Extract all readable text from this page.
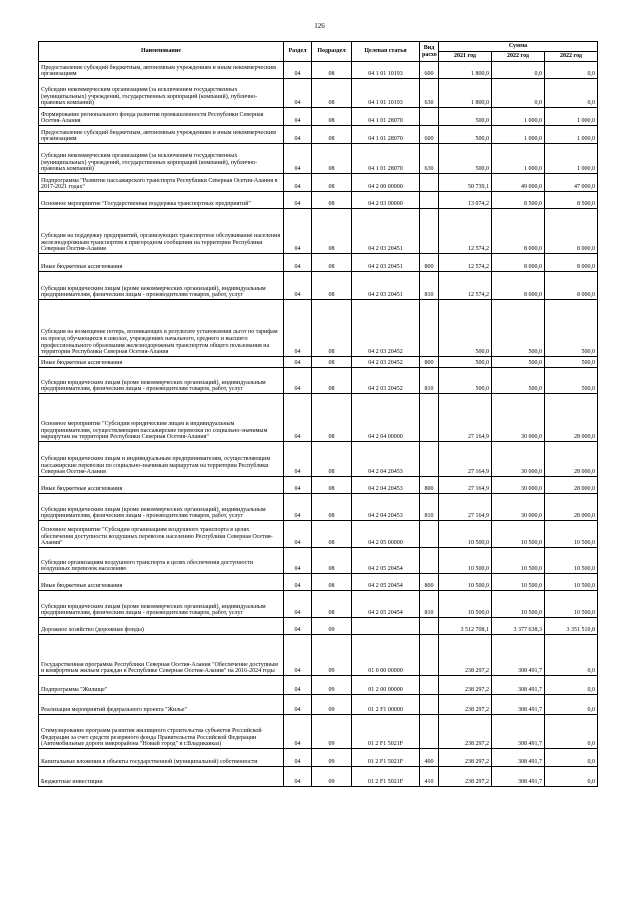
126
Наименование	Раздел	Подраздел	Целевая статья	Вид расхо	Сумма		
					2021 год	2022 год	2022 год
Предоставление субсидий бюджетным, автономным учреждениям и иным некоммерческим организациям	04	08	04 1 01 10193	600	1 800,0	0,0	0,0
Субсидии некоммерческим организациям (за исключением государственных (муниципальных) учреждений, государственных корпораций (компаний), публично-правовых компаний)	04	08	04 1 01 10193	630	1 800,0	0,0	0,0
Формирование регионального фонда развития промышленности Республики Северная Осетия-Алания	04	08	04 1 01 28070		500,0	1 000,0	1 000,0
Предоставление субсидий бюджетным, автономным учреждениям и иным некоммерческим организациям	04	08	04 1 01 28070	600	500,0	1 000,0	1 000,0
Субсидии некоммерческим организациям (за исключением государственных (муниципальных) учреждений, государственных корпораций (компаний), публично-правовых компаний)	04	08	04 1 01 28070	630	500,0	1 000,0	1 000,0
Подпрограмма "Развитие пассажирского транспорта Республики Северная Осетия-Алания в 2017-2021 годах"	04	08	04 2 00 00000		50 739,1	49 000,0	47 000,0
Основное мероприятие "Государственная поддержка транспортных предприятий"	04	08	04 2 03 00000		13 074,2	8 500,0	8 500,0
Субсидия на поддержку предприятий, организующих транспортное обслуживание населения железнодорожным транспортом в пригородном сообщении на территории Республики Северная Осетия-Алания	04	08	04 2 03 20451		12 574,2	8 000,0	8 000,0
Иные бюджетные ассигнования	04	08	04 2 03 20451	800	12 574,2	8 000,0	8 000,0
Субсидии юридическим лицам (кроме некоммерческих организаций), индивидуальным предпринимателям, физическим лицам - производителям товаров, работ, услуг	04	08	04 2 03 20451	810	12 574,2	8 000,0	8 000,0
Субсидия на возмещение потерь, возникающих в результате установления льгот по тарифам на проезд обучающихся в школах, учреждениях начального, среднего и высшего профессионального образования железнодорожным транспортом общего пользования на территории Республики Северная Осетия-Алания	04	08	04 2 03 20452		500,0	500,0	500,0
Иные бюджетные ассигнования	04	08	04 2 03 20452	800	500,0	500,0	500,0
Субсидии юридическим лицам (кроме некоммерческих организаций), индивидуальным предпринимателям, физическим лицам - производителям товаров, работ, услуг	04	08	04 2 03 20452	810	500,0	500,0	500,0
Основное мероприятие "Субсидии юридическим лицам и индивидуальным предпринимателям, осуществляющим пассажирские перевозки по социально-значимым маршрутам на территории Республики Северная Осетия-Алания"	04	08	04 2 04 00000		27 164,9	30 000,0	28 000,0
Субсидии юридическим лицам и индивидуальным предпринимателям, осуществляющим пассажирские перевозки по социально-значимым маршрутам на территории Республики Северная Осетия-Алания	04	08	04 2 04 20453		27 164,9	30 000,0	28 000,0
Иные бюджетные ассигнования	04	08	04 2 04 20453	800	27 164,9	30 000,0	28 000,0
Субсидии юридическим лицам (кроме некоммерческих организаций), индивидуальным предпринимателям, физическим лицам - производителям товаров, работ, услуг	04	08	04 2 04 20453	810	27 164,9	30 000,0	28 000,0
Основное мероприятие "Субсидии организациям воздушного транспорта в целях обеспечения доступности воздушных перевозок населению Республики Северная Осетия-Алания"	04	08	04 2 05 00000		10 500,0	10 500,0	10 500,0
Субсидии организациям воздушного транспорта в целях обеспечения доступности воздушных перевозок населению	04	08	04 2 05 20454		10 500,0	10 500,0	10 500,0
Иные бюджетные ассигнования	04	08	04 2 05 20454	800	10 500,0	10 500,0	10 500,0
Субсидии юридическим лицам (кроме некоммерческих организаций), индивидуальным предпринимателям, физическим лицам - производителям товаров, работ, услуг	04	08	04 2 05 20454	810	10 500,0	10 500,0	10 500,0
Дорожное хозяйство (дорожные фонды)	04	09			3 512 708,1	3 377 638,3	3 351 510,8
Государственная программа Республики Северная Осетия-Алания "Обеспечение доступным и комфортным жильем граждан в Республике Северная Осетия-Алания" на 2016-2024 годы	04	09	01 0 00 00000		238 297,2	308 491,7	0,0
Подпрограмма "Жилище"	04	09	01 2 00 00000		238 297,2	308 491,7	0,0
Реализация мероприятий федерального проекта "Жилье"	04	09	01 2 F1 00000		238 297,2	308 491,7	0,0
Стимулирование программ развития жилищного строительства субъектов Российской Федерации за счет средств резервного фонда Правительства Российской Федерации (Автомобильные дороги микрорайона "Новый город" в г.Владикавказ)	04	09	01 2 F1 5021F		238 297,2	308 491,7	0,0
Капитальные вложения в объекты государственной (муниципальной) собственности	04	09	01 2 F1 5021F	400	238 297,2	308 491,7	0,0
Бюджетные инвестиции	04	09	01 2 F1 5021F	410	238 297,2	308 491,7	0,0
